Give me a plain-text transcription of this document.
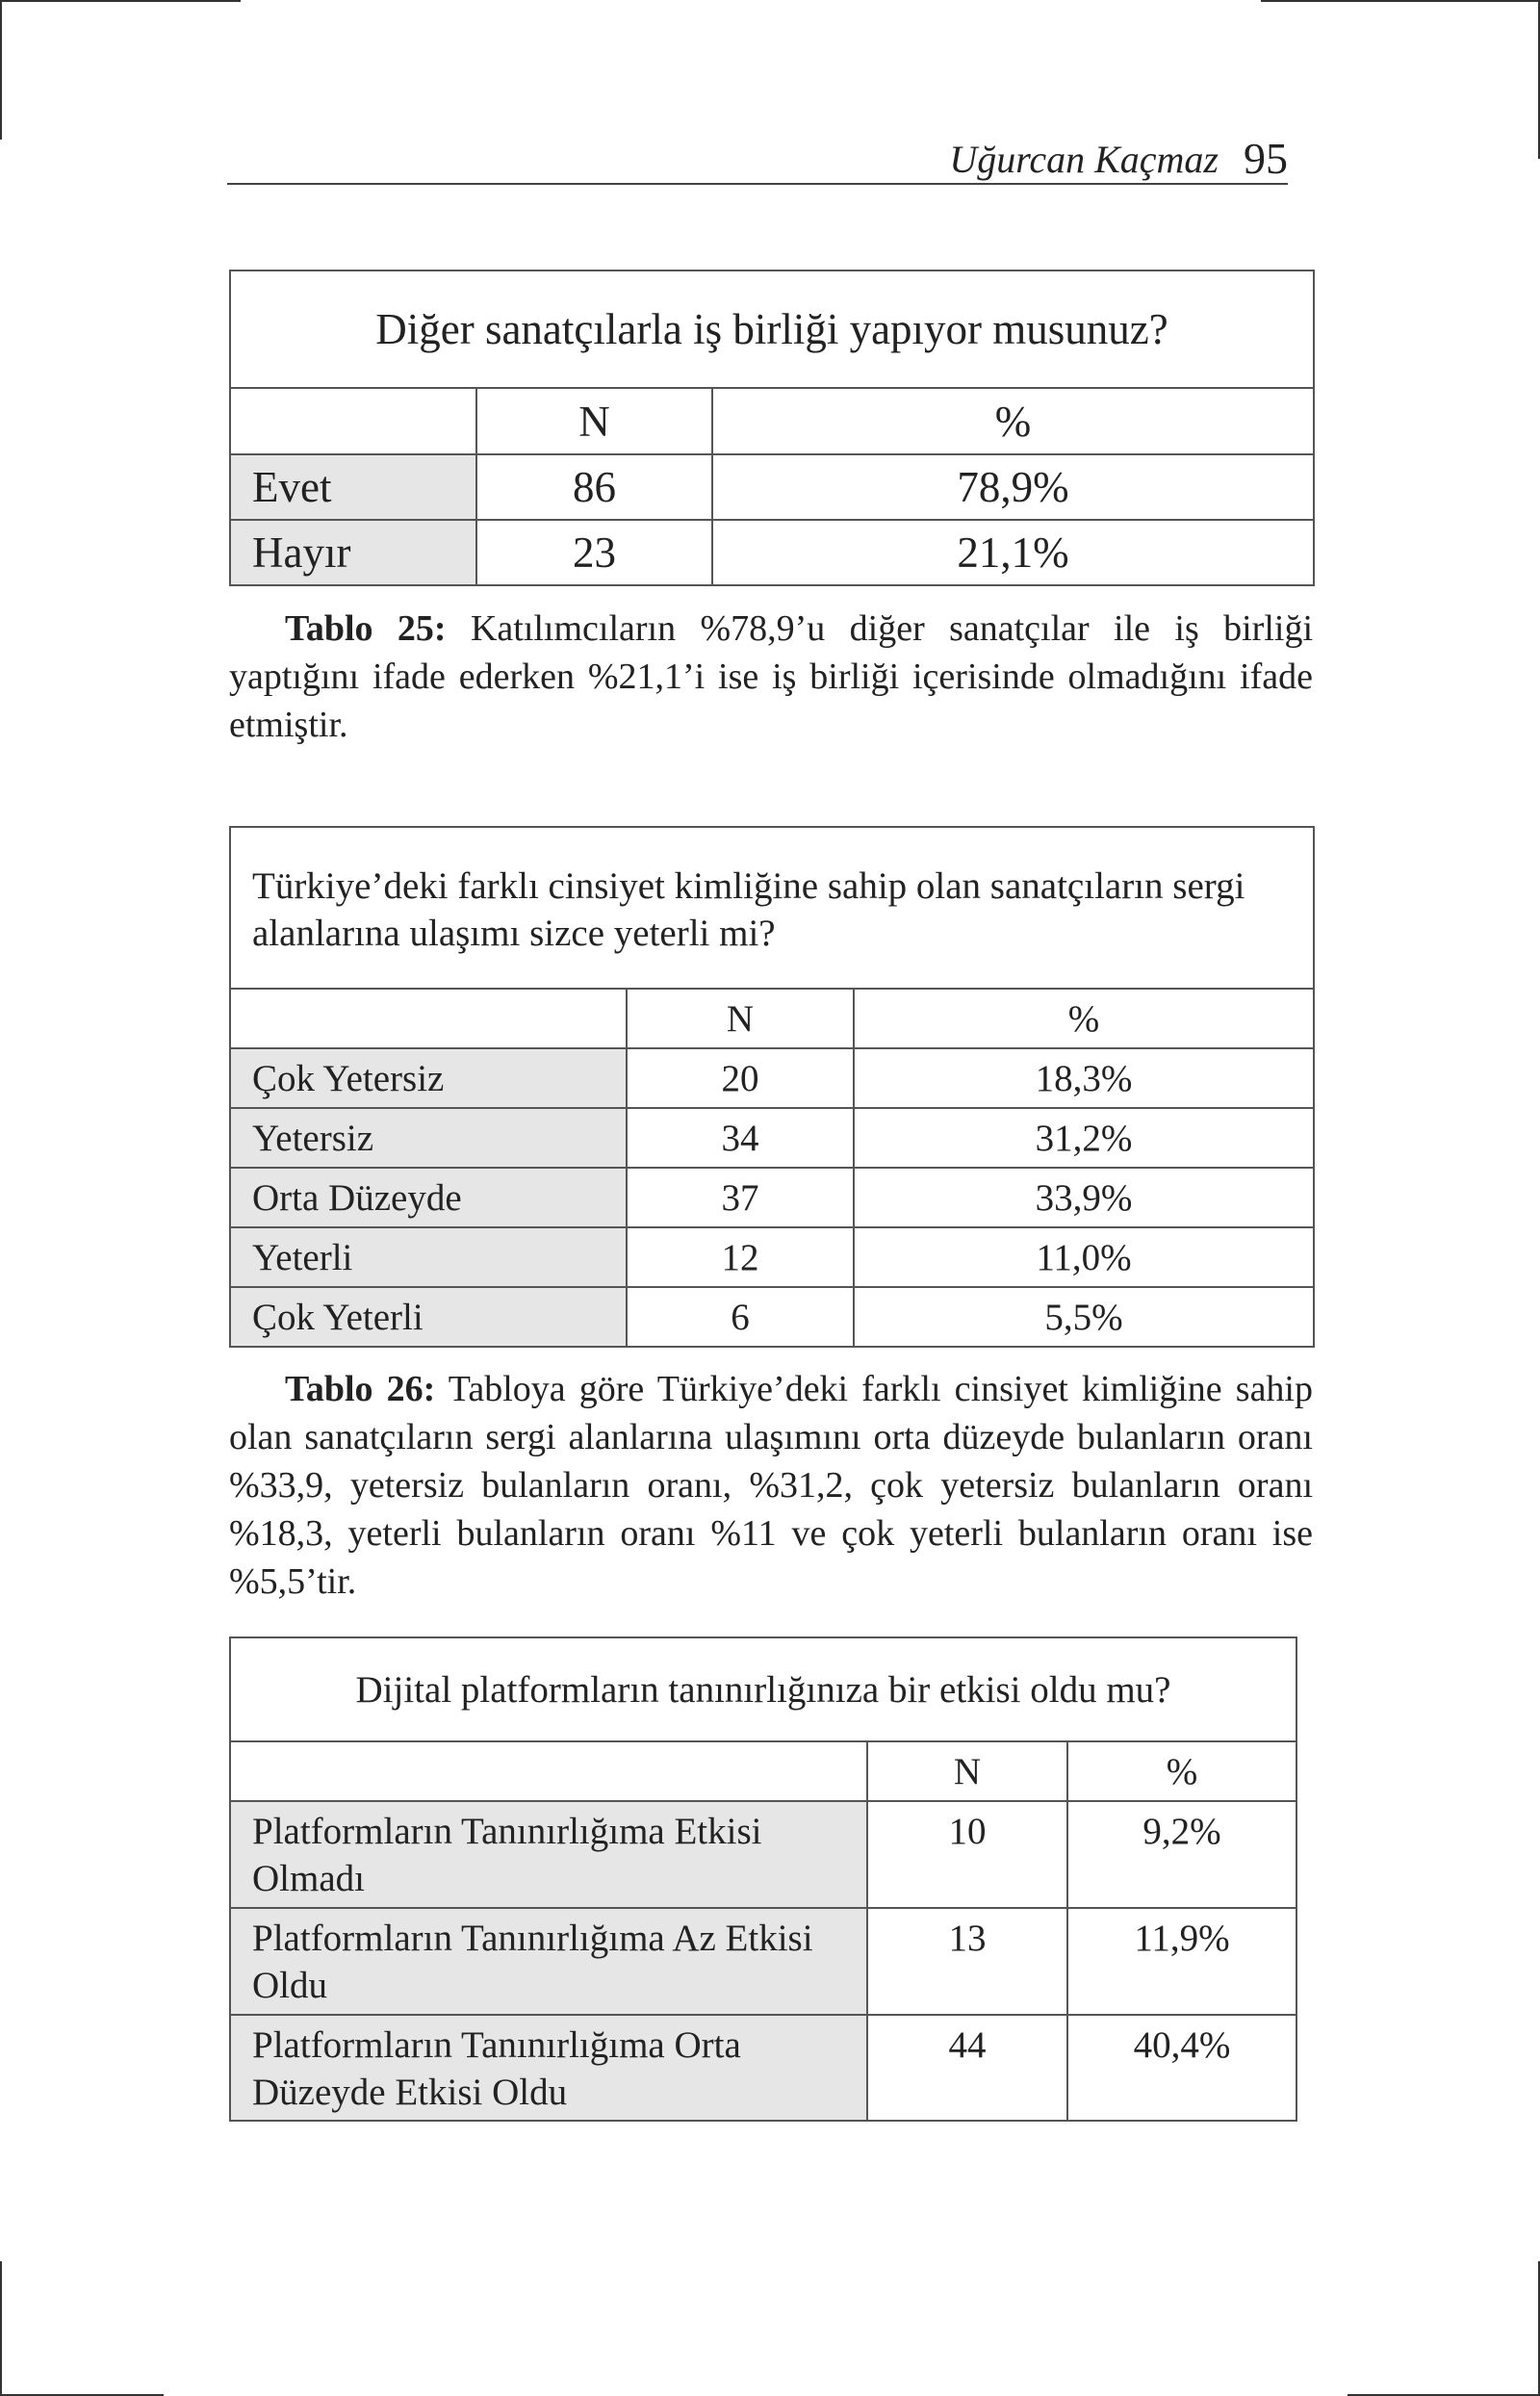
Uğurcan Kaçmaz 95
Diğer sanatçılarla iş birliği yapıyor musunuz?		
	N	%
Evet	86	78,9%
Hayır	23	21,1%
Tablo 25: Katılımcıların %78,9’u diğer sanatçılar ile iş birliği yaptığını ifade ederken %21,1’i ise iş birliği içerisinde olmadığını ifade etmiştir.
Türkiye’deki farklı cinsiyet kimliğine sahip olan sanatçıların sergi alanlarına ulaşımı sizce yeterli mi?		
	N	%
Çok Yetersiz	20	18,3%
Yetersiz	34	31,2%
Orta Düzeyde	37	33,9%
Yeterli	12	11,0%
Çok Yeterli	6	5,5%
Tablo 26: Tabloya göre Türkiye’deki farklı cinsiyet kimliğine sahip olan sanatçıların sergi alanlarına ulaşımını orta düzeyde bulanların oranı %33,9, yetersiz bulanların oranı, %31,2, çok yetersiz bulanların oranı %18,3, yeterli bulanların oranı %11 ve çok yeterli bulanların oranı ise %5,5’tir.
Dijital platformların tanınırlığınıza bir etkisi oldu mu?		
	N	%
Platformların Tanınırlığıma Etkisi Olmadı	10	9,2%
Platformların Tanınırlığıma Az Etkisi Oldu	13	11,9%
Platformların Tanınırlığıma Orta Düzeyde Etkisi Oldu	44	40,4%
